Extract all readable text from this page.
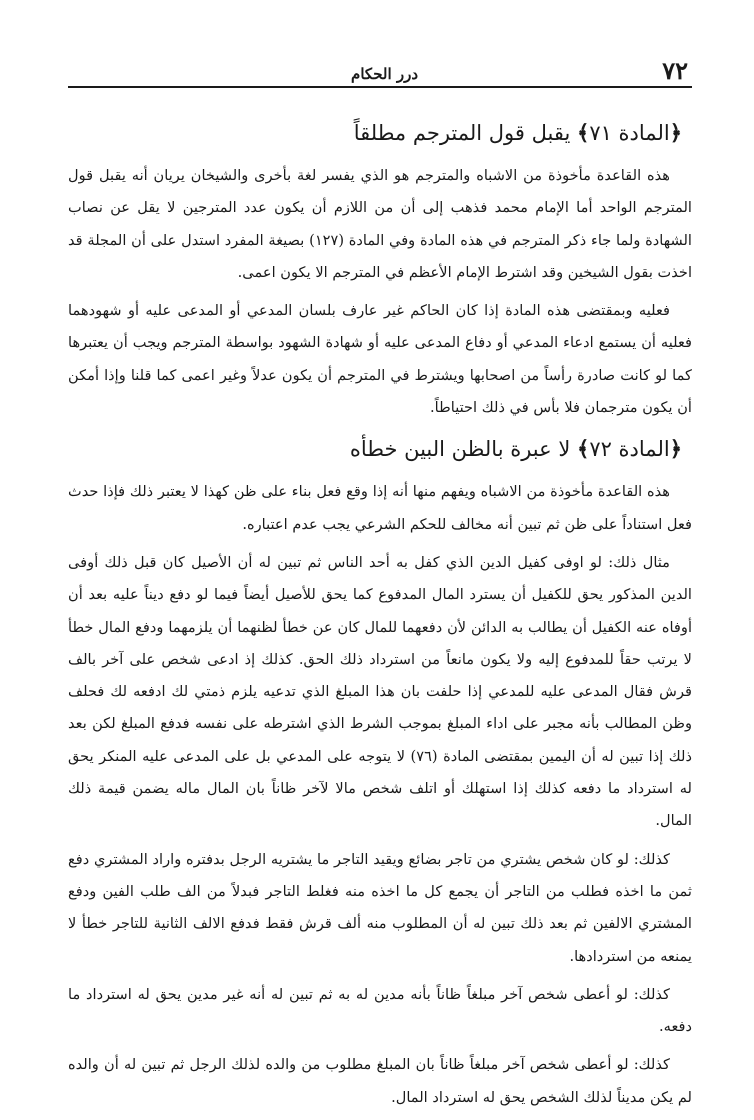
٧٢
درر الحكام
﴿المادة ٧١﴾ يقبل قول المترجم مطلقاً

هذه القاعدة مأخوذة من الاشباه والمترجم هو الذي يفسر لغة بأخرى والشيخان يريان أنه يقبل قول المترجم الواحد أما الإمام محمد فذهب إلى أن من اللازم أن يكون عدد المترجين لا يقل عن نصاب الشهادة ولما جاء ذكر المترجم في هذه المادة وفي المادة (١٢٧) بصيغة المفرد استدل على أن المجلة قد اخذت بقول الشيخين وقد اشترط الإمام الأعظم في المترجم الا يكون اعمى.

فعليه وبمقتضى هذه المادة إذا كان الحاكم غير عارف بلسان المدعي أو المدعى عليه أو شهودهما فعليه أن يستمع ادعاء المدعي أو دفاع المدعى عليه أو شهادة الشهود بواسطة المترجم ويجب أن يعتبرها كما لو كانت صادرة رأساً من اصحابها ويشترط في المترجم أن يكون عدلاً وغير اعمى كما قلنا وإذا أمكن أن يكون مترجمان فلا بأس في ذلك احتياطاً.

﴿المادة ٧٢﴾ لا عبرة بالظن البين خطأه

هذه القاعدة مأخوذة من الاشباه ويفهم منها أنه إذا وقع فعل بناء على ظن كهذا لا يعتبر ذلك فإذا حدث فعل استناداً على ظن ثم تبين أنه مخالف للحكم الشرعي يجب عدم اعتباره.

مثال ذلك: لو اوفى كفيل الدين الذي كفل به أحد الناس ثم تبين له أن الأصيل كان قبل ذلك أوفى الدين المذكور يحق للكفيل أن يسترد المال المدفوع كما يحق للأصيل أيضاً فيما لو دفع ديناً عليه بعد أن أوفاه عنه الكفيل أن يطالب به الدائن لأن دفعهما للمال كان عن خطأ لظنهما أن يلزمهما ودفع المال خطأ لا يرتب حقاً للمدفوع إليه ولا يكون مانعاً من استرداد ذلك الحق. كذلك إذ ادعى شخص على آخر بالف قرش فقال المدعى عليه للمدعي إذا حلفت بان هذا المبلغ الذي تدعيه يلزم ذمتي لك ادفعه لك فحلف وظن المطالب بأنه مجبر على اداء المبلغ بموجب الشرط الذي اشترطه على نفسه فدفع المبلغ لكن بعد ذلك إذا تبين له أن اليمين بمقتضى المادة (٧٦) لا يتوجه على المدعي بل على المدعى عليه المنكر يحق له استرداد ما دفعه كذلك إذا استهلك أو اتلف شخص مالا لآخر ظاناً بان المال ماله يضمن قيمة ذلك المال.

كذلك: لو كان شخص يشتري من تاجر بضائع ويقيد التاجر ما يشتريه الرجل بدفتره واراد المشتري دفع ثمن ما اخذه فطلب من التاجر أن يجمع كل ما اخذه منه فغلط التاجر فبدلاً من الف طلب الفين ودفع المشتري الالفين ثم بعد ذلك تبين له أن المطلوب منه ألف قرش فقط فدفع الالف الثانية للتاجر خطأ لا يمنعه من استردادها.

كذلك: لو أعطى شخص آخر مبلغاً ظاناً بأنه مدين له به ثم تبين له أنه غير مدين يحق له استرداد ما دفعه.

كذلك: لو أعطى شخص آخر مبلغاً ظاناً بان المبلغ مطلوب من والده لذلك الرجل ثم تبين له أن والده لم يكن مديناً لذلك الشخص يحق له استرداد المال.
